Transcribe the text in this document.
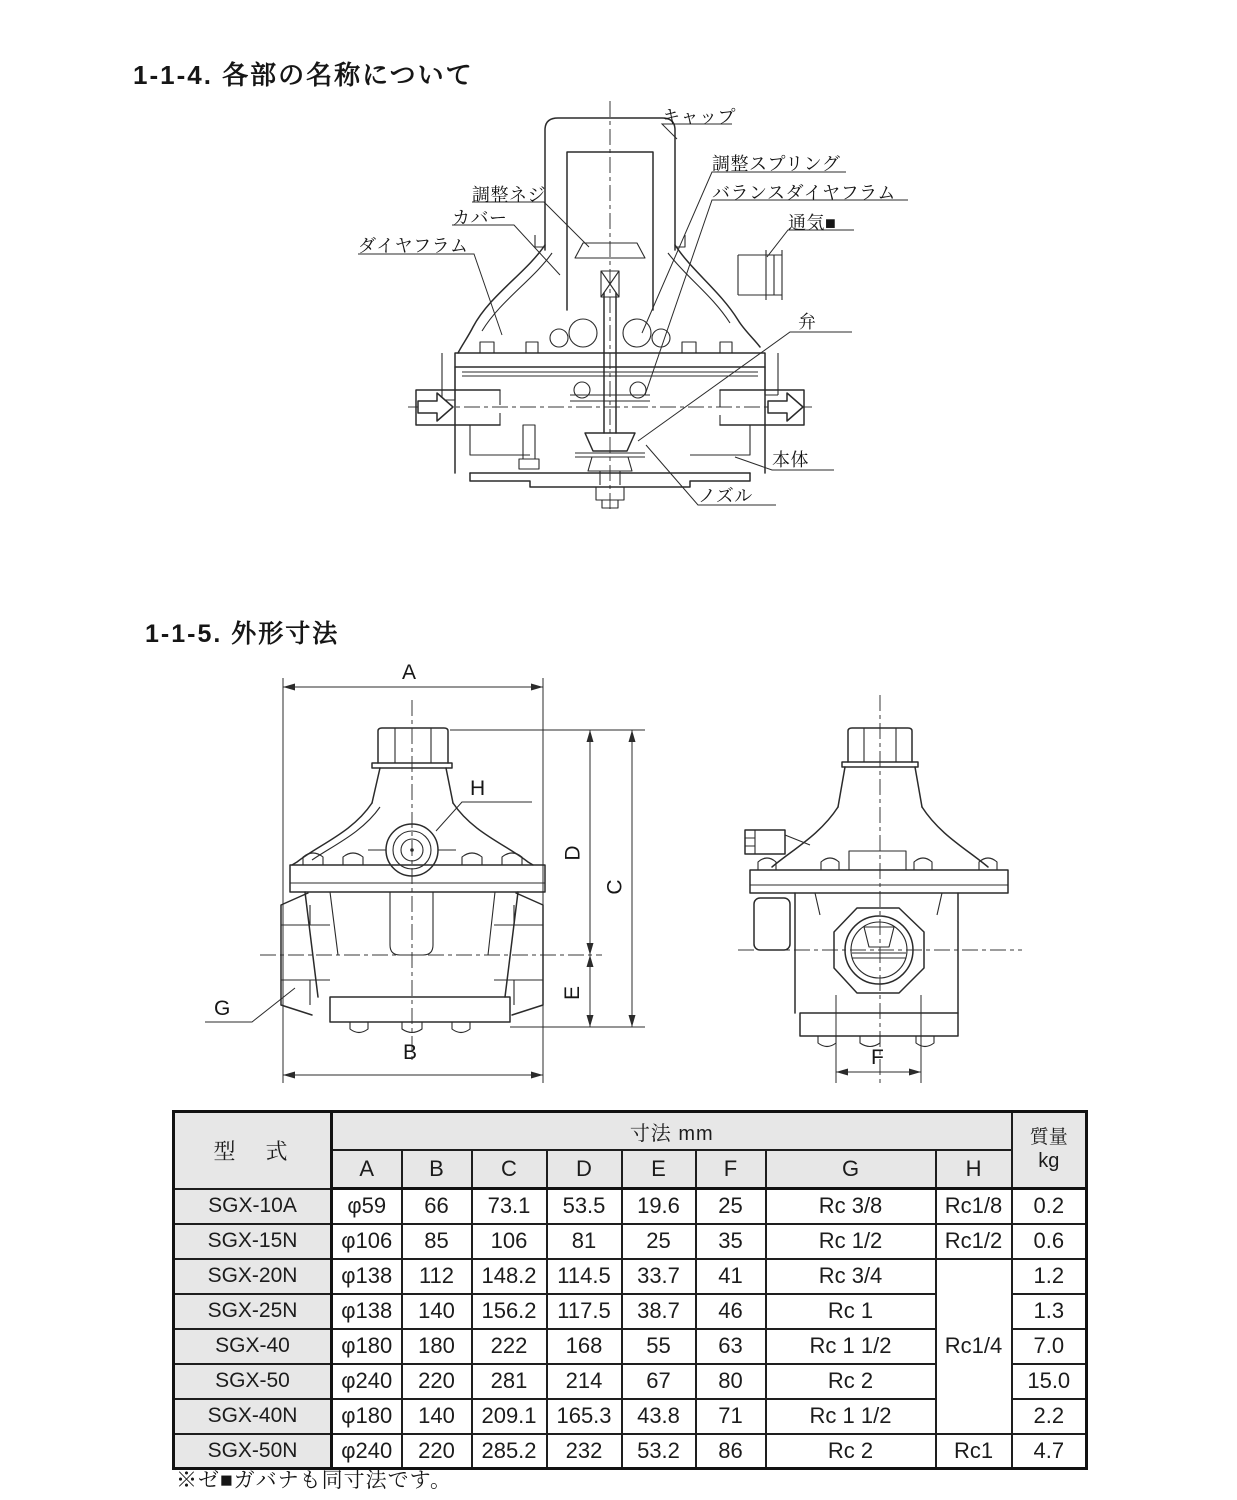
1-1-4. 各部の名称について
キャップ
調整スプリング
バランスダイヤフラム
通気■
調整ネジ
カバー
ダイヤフラム
弁
本体
ノズル
1-1-5. 外形寸法
A
B
C
D
E
G
H
F
型　式	寸法 mm								質量
kg

	A	B	C	D	E	F	G	H	
SGX-10A	φ59	66	73.1	53.5	19.6	25	Rc 3/8	Rc1/8	0.2
SGX-15N	φ106	85	106	81	25	35	Rc 1/2	Rc1/2	0.6
SGX-20N	φ138	112	148.2	114.5	33.7	41	Rc 3/4	Rc1/4	1.2
SGX-25N	φ138	140	156.2	117.5	38.7	46	Rc 1		1.3
SGX-40	φ180	180	222	168	55	63	Rc 1 1/2		7.0
SGX-50	φ240	220	281	214	67	80	Rc 2		15.0
SGX-40N	φ180	140	209.1	165.3	43.8	71	Rc 1 1/2		2.2
SGX-50N	φ240	220	285.2	232	53.2	86	Rc 2	Rc1	4.7
※ゼ■ガバナも同寸法です。
